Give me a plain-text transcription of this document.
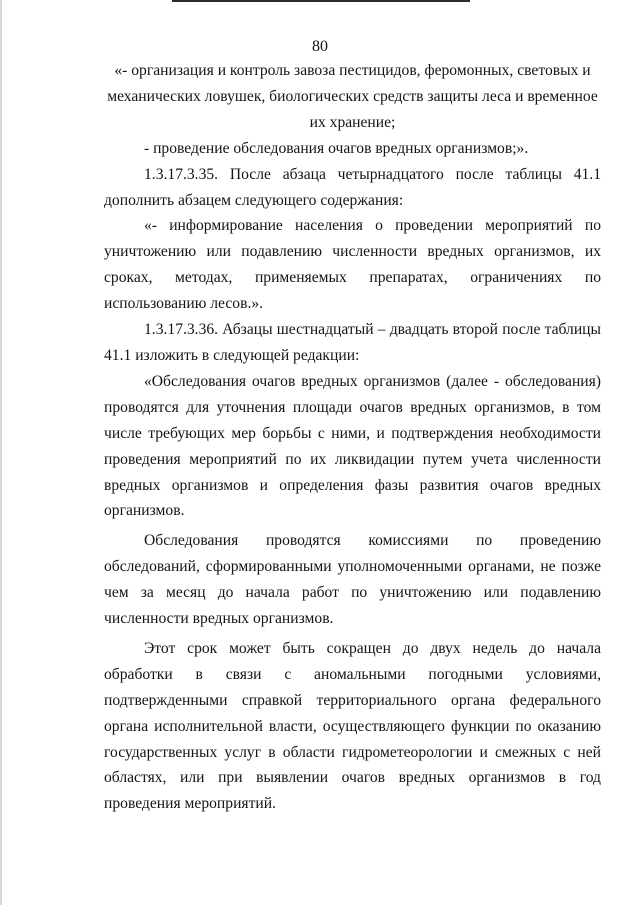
80

«- организация и контроль завоза пестицидов, феромонных, световых и механических ловушек, биологических средств защиты леса и временное их хранение;

- проведение обследования очагов вредных организмов;».

1.3.17.3.35. После абзаца четырнадцатого после таблицы 41.1 дополнить абзацем следующего содержания:

«- информирование населения о проведении мероприятий по уничтожению или подавлению численности вредных организмов, их сроках, методах, применяемых препаратах, ограничениях по использованию лесов.».

1.3.17.3.36. Абзацы шестнадцатый – двадцать второй после таблицы 41.1 изложить в следующей редакции:

«Обследования очагов вредных организмов (далее - обследования) проводятся для уточнения площади очагов вредных организмов, в том числе требующих мер борьбы с ними, и подтверждения необходимости проведения мероприятий по их ликвидации путем учета численности вредных организмов и определения фазы развития очагов вредных организмов.

Обследования проводятся комиссиями по проведению обследований, сформированными уполномоченными органами, не позже чем за месяц до начала работ по уничтожению или подавлению численности вредных организмов.

Этот срок может быть сокращен до двух недель до начала обработки в связи с аномальными погодными условиями, подтвержденными справкой территориального органа федерального органа исполнительной власти, осуществляющего функции по оказанию государственных услуг в области гидрометеорологии и смежных с ней областях, или при выявлении очагов вредных организмов в год проведения мероприятий.
